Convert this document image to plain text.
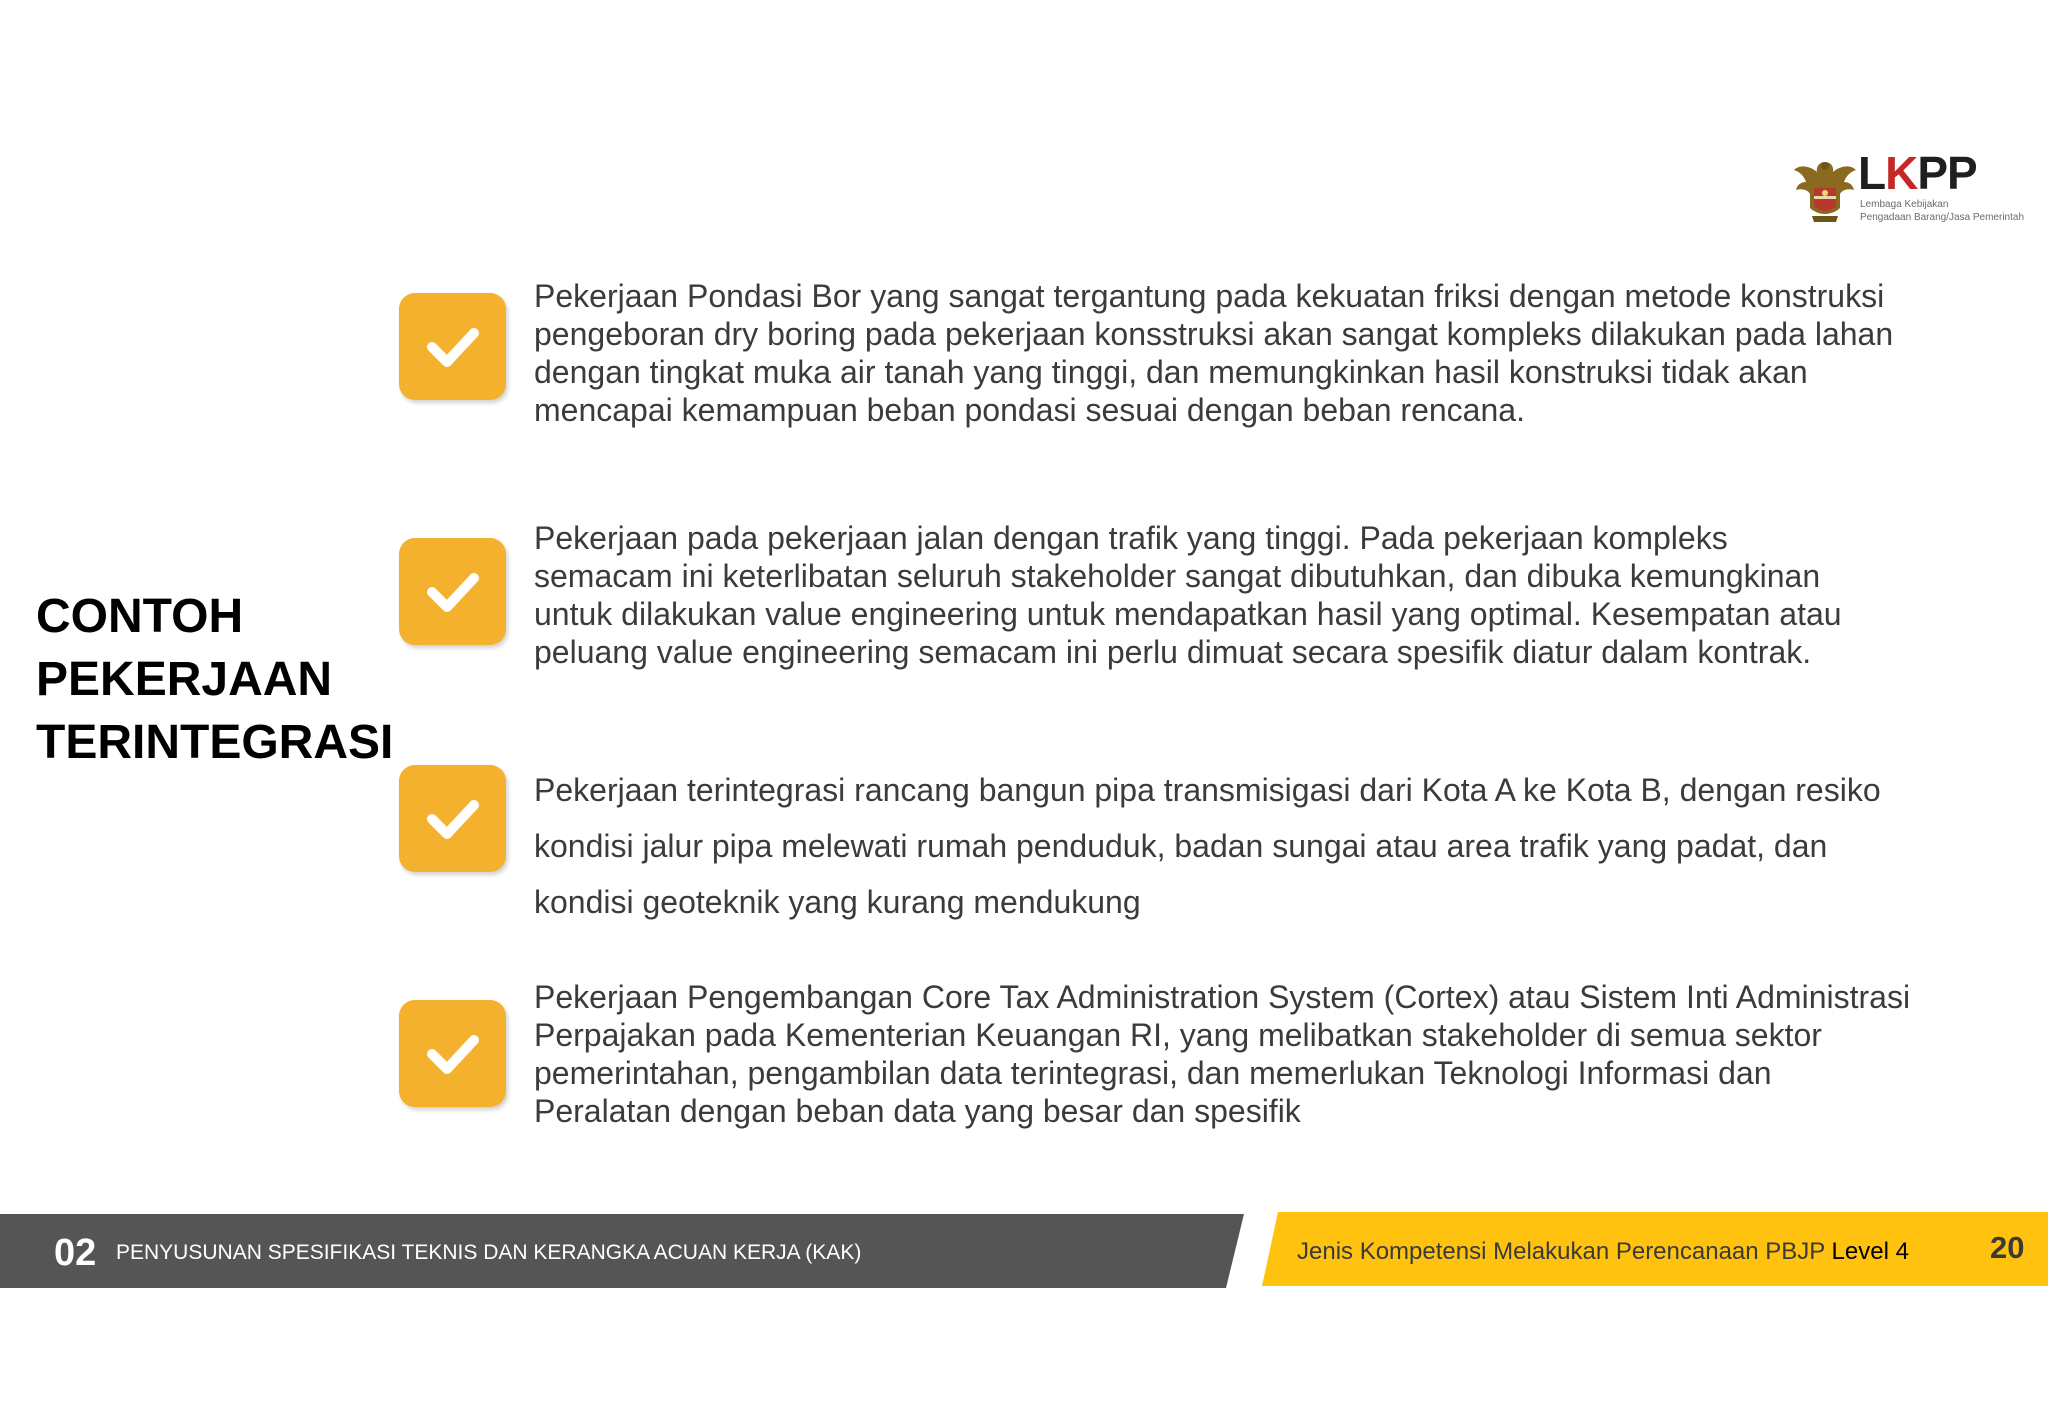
LKPP
Lembaga Kebijakan
Pengadaan Barang/Jasa Pemerintah
CONTOH
PEKERJAAN
TERINTEGRASI
Pekerjaan Pondasi Bor yang sangat tergantung pada kekuatan friksi dengan metode konstruksi
pengeboran dry boring pada pekerjaan konsstruksi akan sangat kompleks dilakukan pada lahan
dengan tingkat muka air tanah yang tinggi, dan memungkinkan hasil konstruksi tidak akan
mencapai kemampuan beban pondasi sesuai dengan beban rencana.
Pekerjaan pada pekerjaan jalan dengan trafik yang tinggi. Pada pekerjaan kompleks
semacam ini keterlibatan seluruh stakeholder sangat dibutuhkan, dan dibuka kemungkinan
untuk dilakukan value engineering untuk mendapatkan hasil yang optimal. Kesempatan atau
peluang value engineering semacam ini perlu dimuat secara spesifik diatur dalam kontrak.
Pekerjaan terintegrasi rancang bangun pipa transmisigasi dari Kota A ke Kota B, dengan resiko
kondisi jalur pipa melewati rumah penduduk, badan sungai atau area trafik yang padat, dan
kondisi geoteknik yang kurang mendukung
Pekerjaan Pengembangan Core Tax Administration System (Cortex) atau Sistem Inti Administrasi
Perpajakan pada Kementerian Keuangan RI, yang melibatkan stakeholder di semua sektor
pemerintahan, pengambilan data terintegrasi, dan memerlukan Teknologi Informasi dan
Peralatan dengan beban data yang besar dan spesifik
02 PENYUSUNAN SPESIFIKASI TEKNIS DAN KERANGKA ACUAN KERJA (KAK)	Jenis Kompetensi Melakukan Perencanaan PBJP Level 4	20
